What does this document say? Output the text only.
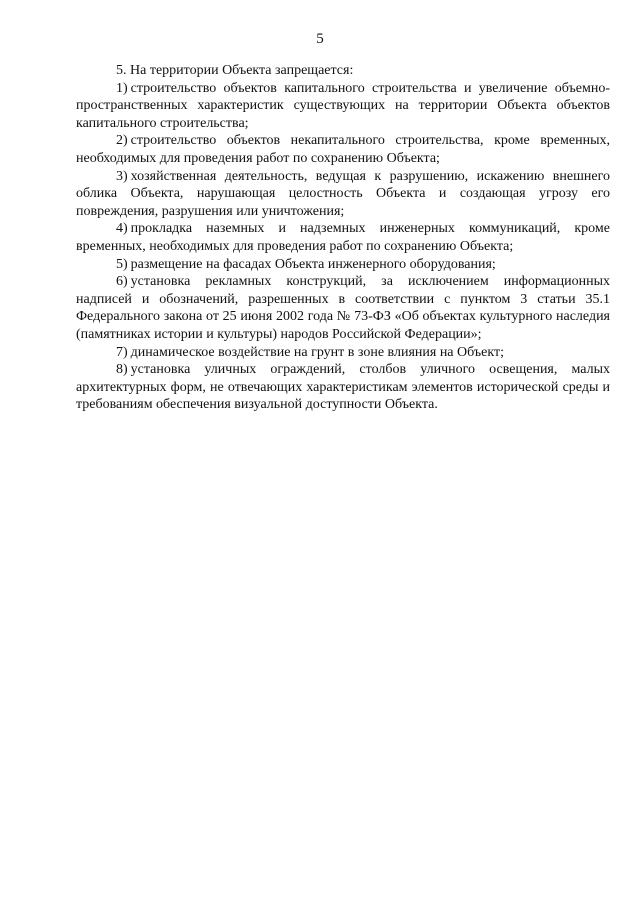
5

5. На территории Объекта запрещается:

1) строительство объектов капитального строительства и увеличение объемно-пространственных характеристик существующих на территории Объекта объектов капитального строительства;

2) строительство объектов некапитального строительства, кроме временных, необходимых для проведения работ по сохранению Объекта;

3) хозяйственная деятельность, ведущая к разрушению, искажению внешнего облика Объекта, нарушающая целостность Объекта и создающая угрозу его повреждения, разрушения или уничтожения;

4) прокладка наземных и надземных инженерных коммуникаций, кроме временных, необходимых для проведения работ по сохранению Объекта;

5) размещение на фасадах Объекта инженерного оборудования;

6) установка рекламных конструкций, за исключением информационных надписей и обозначений, разрешенных в соответствии с пунктом 3 статьи 35.1 Федерального закона от 25 июня 2002 года № 73-ФЗ «Об объектах культурного наследия (памятниках истории и культуры) народов Российской Федерации»;

7) динамическое воздействие на грунт в зоне влияния на Объект;

8) установка уличных ограждений, столбов уличного освещения, малых архитектурных форм, не отвечающих характеристикам элементов исторической среды и требованиям обеспечения визуальной доступности Объекта.
